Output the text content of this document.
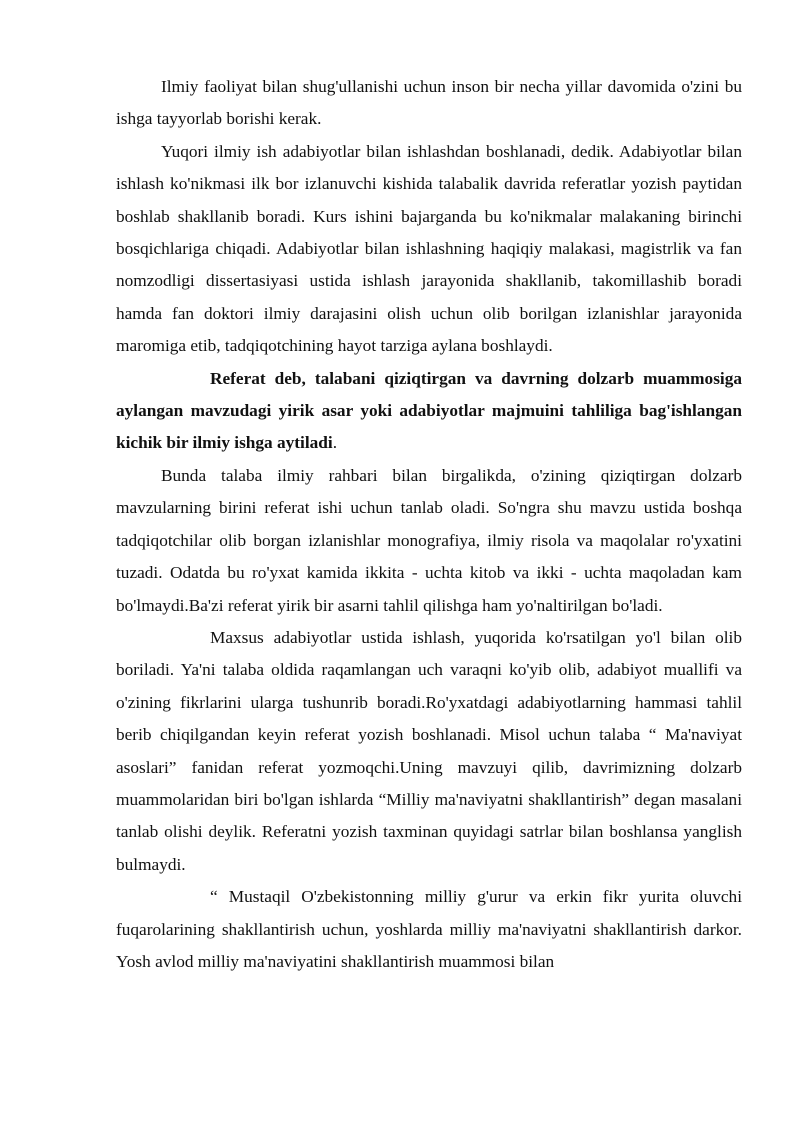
Ilmiy faoliyat bilan shug'ullanishi uchun inson bir necha yillar davomida o'zini bu ishga tayyorlab borishi kerak.

Yuqori ilmiy ish adabiyotlar bilan ishlashdan boshlanadi, dedik. Adabiyotlar bilan ishlash ko'nikmasi ilk bor izlanuvchi kishida talabalik davrida referatlar yozish paytidan boshlab shakllanib boradi. Kurs ishini bajarganda bu ko'nikmalar malakaning birinchi bosqichlariga chiqadi. Adabiyotlar bilan ishlashning haqiqiy malakasi, magistrlik va fan nomzodligi dissertasiyasi ustida ishlash jarayonida shakllanib, takomillashib boradi hamda fan doktori ilmiy darajasini olish uchun olib borilgan izlanishlar jarayonida maromiga etib, tadqiqotchining hayot tarziga aylana boshlaydi.

Referat deb, talabani qiziqtirgan va davrning dolzarb muammosiga aylangan mavzudagi yirik asar yoki adabiyotlar majmuini tahliliga bag'ishlangan kichik bir ilmiy ishga aytiladi.

Bunda talaba ilmiy rahbari bilan birgalikda, o'zining qiziqtirgan dolzarb mavzularning birini referat ishi uchun tanlab oladi. So'ngra shu mavzu ustida boshqa tadqiqotchilar olib borgan izlanishlar monografiya, ilmiy risola va maqolalar ro'yxatini tuzadi. Odatda bu ro'yxat kamida ikkita - uchta kitob va ikki - uchta maqoladan kam bo'lmaydi.Ba'zi referat yirik bir asarni tahlil qilishga ham yo'naltirilgan bo'ladi.

Maxsus adabiyotlar ustida ishlash, yuqorida ko'rsatilgan yo'l bilan olib boriladi. Ya'ni talaba oldida raqamlangan uch varaqni ko'yib olib, adabiyot muallifi va o'zining fikrlarini ularga tushunrib boradi.Ro'yxatdagi adabiyotlarning hammasi tahlil berib chiqilgandan keyin referat yozish boshlanadi. Misol uchun talaba “ Ma'naviyat asoslari” fanidan referat yozmoqchi.Uning mavzuyi qilib, davrimizning dolzarb muammolaridan biri bo'lgan ishlarda “Milliy ma'naviyatni shakllantirish” degan masalani tanlab olishi deylik. Referatni yozish taxminan quyidagi satrlar bilan boshlansa yanglish bulmaydi.

“ Mustaqil O'zbekistonning milliy g'urur va erkin fikr yurita oluvchi fuqarolarining shakllantirish uchun, yoshlarda milliy ma'naviyatni shakllantirish darkor. Yosh avlod milliy ma'naviyatini shakllantirish muammosi bilan
